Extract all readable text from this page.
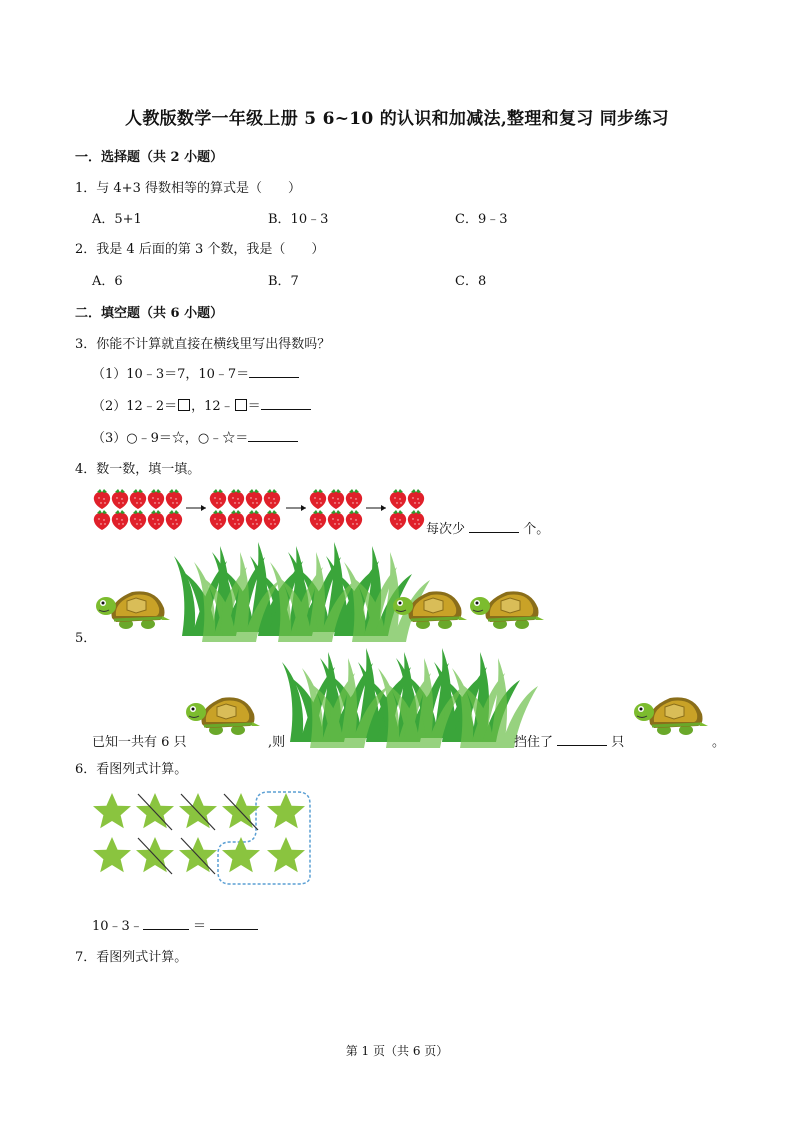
人教版数学一年级上册 5 6~10 的认识和加减法,整理和复习 同步练习
一．选择题（共 2 小题）
1．与 4+3 得数相等的算式是（　　）
A．5+1	B．10﹣3	C．9﹣3
2．我是 4 后面的第 3 个数，我是（　　）
A．6	B．7	C．8
二．填空题（共 6 小题）
3．你能不计算就直接在横线里写出得数吗？
（1）10﹣3＝7，10﹣7＝
（2）12﹣2＝ ，12﹣ ＝
（3）○﹣9＝☆，○﹣☆＝
4．数一数，填一填。
每次少	个。
5．
已知一共有 6 只	,则	挡住了	只	。
6．看图列式计算。
10﹣3﹣	＝
7．看图列式计算。
第 1 页（共 6 页）
